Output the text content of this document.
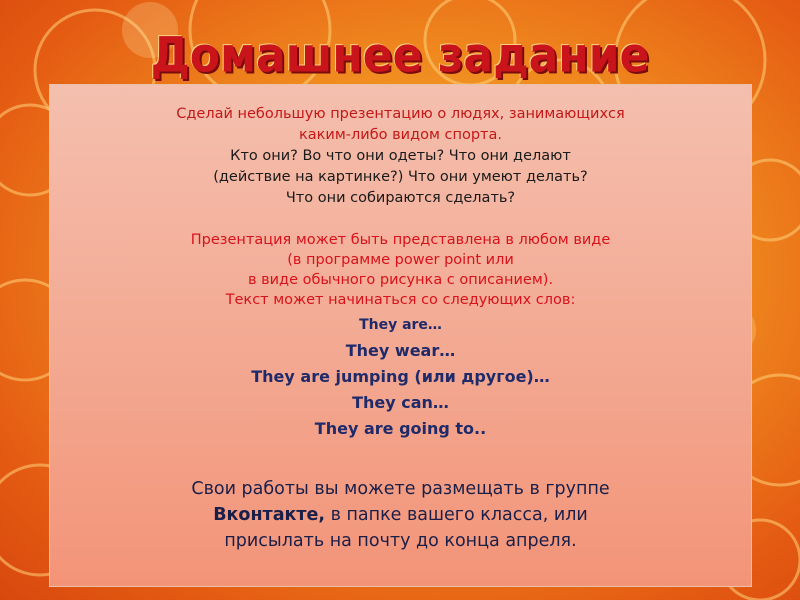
Домашнее задание
Сделай небольшую презентацию о людях, занимающихся
каким-либо видом спорта.
Кто они? Во что они одеты? Что они делают
(действие на картинке?) Что они умеют делать?
Что они собираются сделать?
Презентация может быть представлена в любом виде
(в программе power point или
в виде обычного рисунка с описанием).
Текст может начинаться со следующих слов:
They are…
They wear…
They are jumping (или другое)…
They can…
They are going to..
Свои работы вы можете размещать в группе
Вконтакте, в папке вашего класса, или
присылать на почту до конца апреля.
